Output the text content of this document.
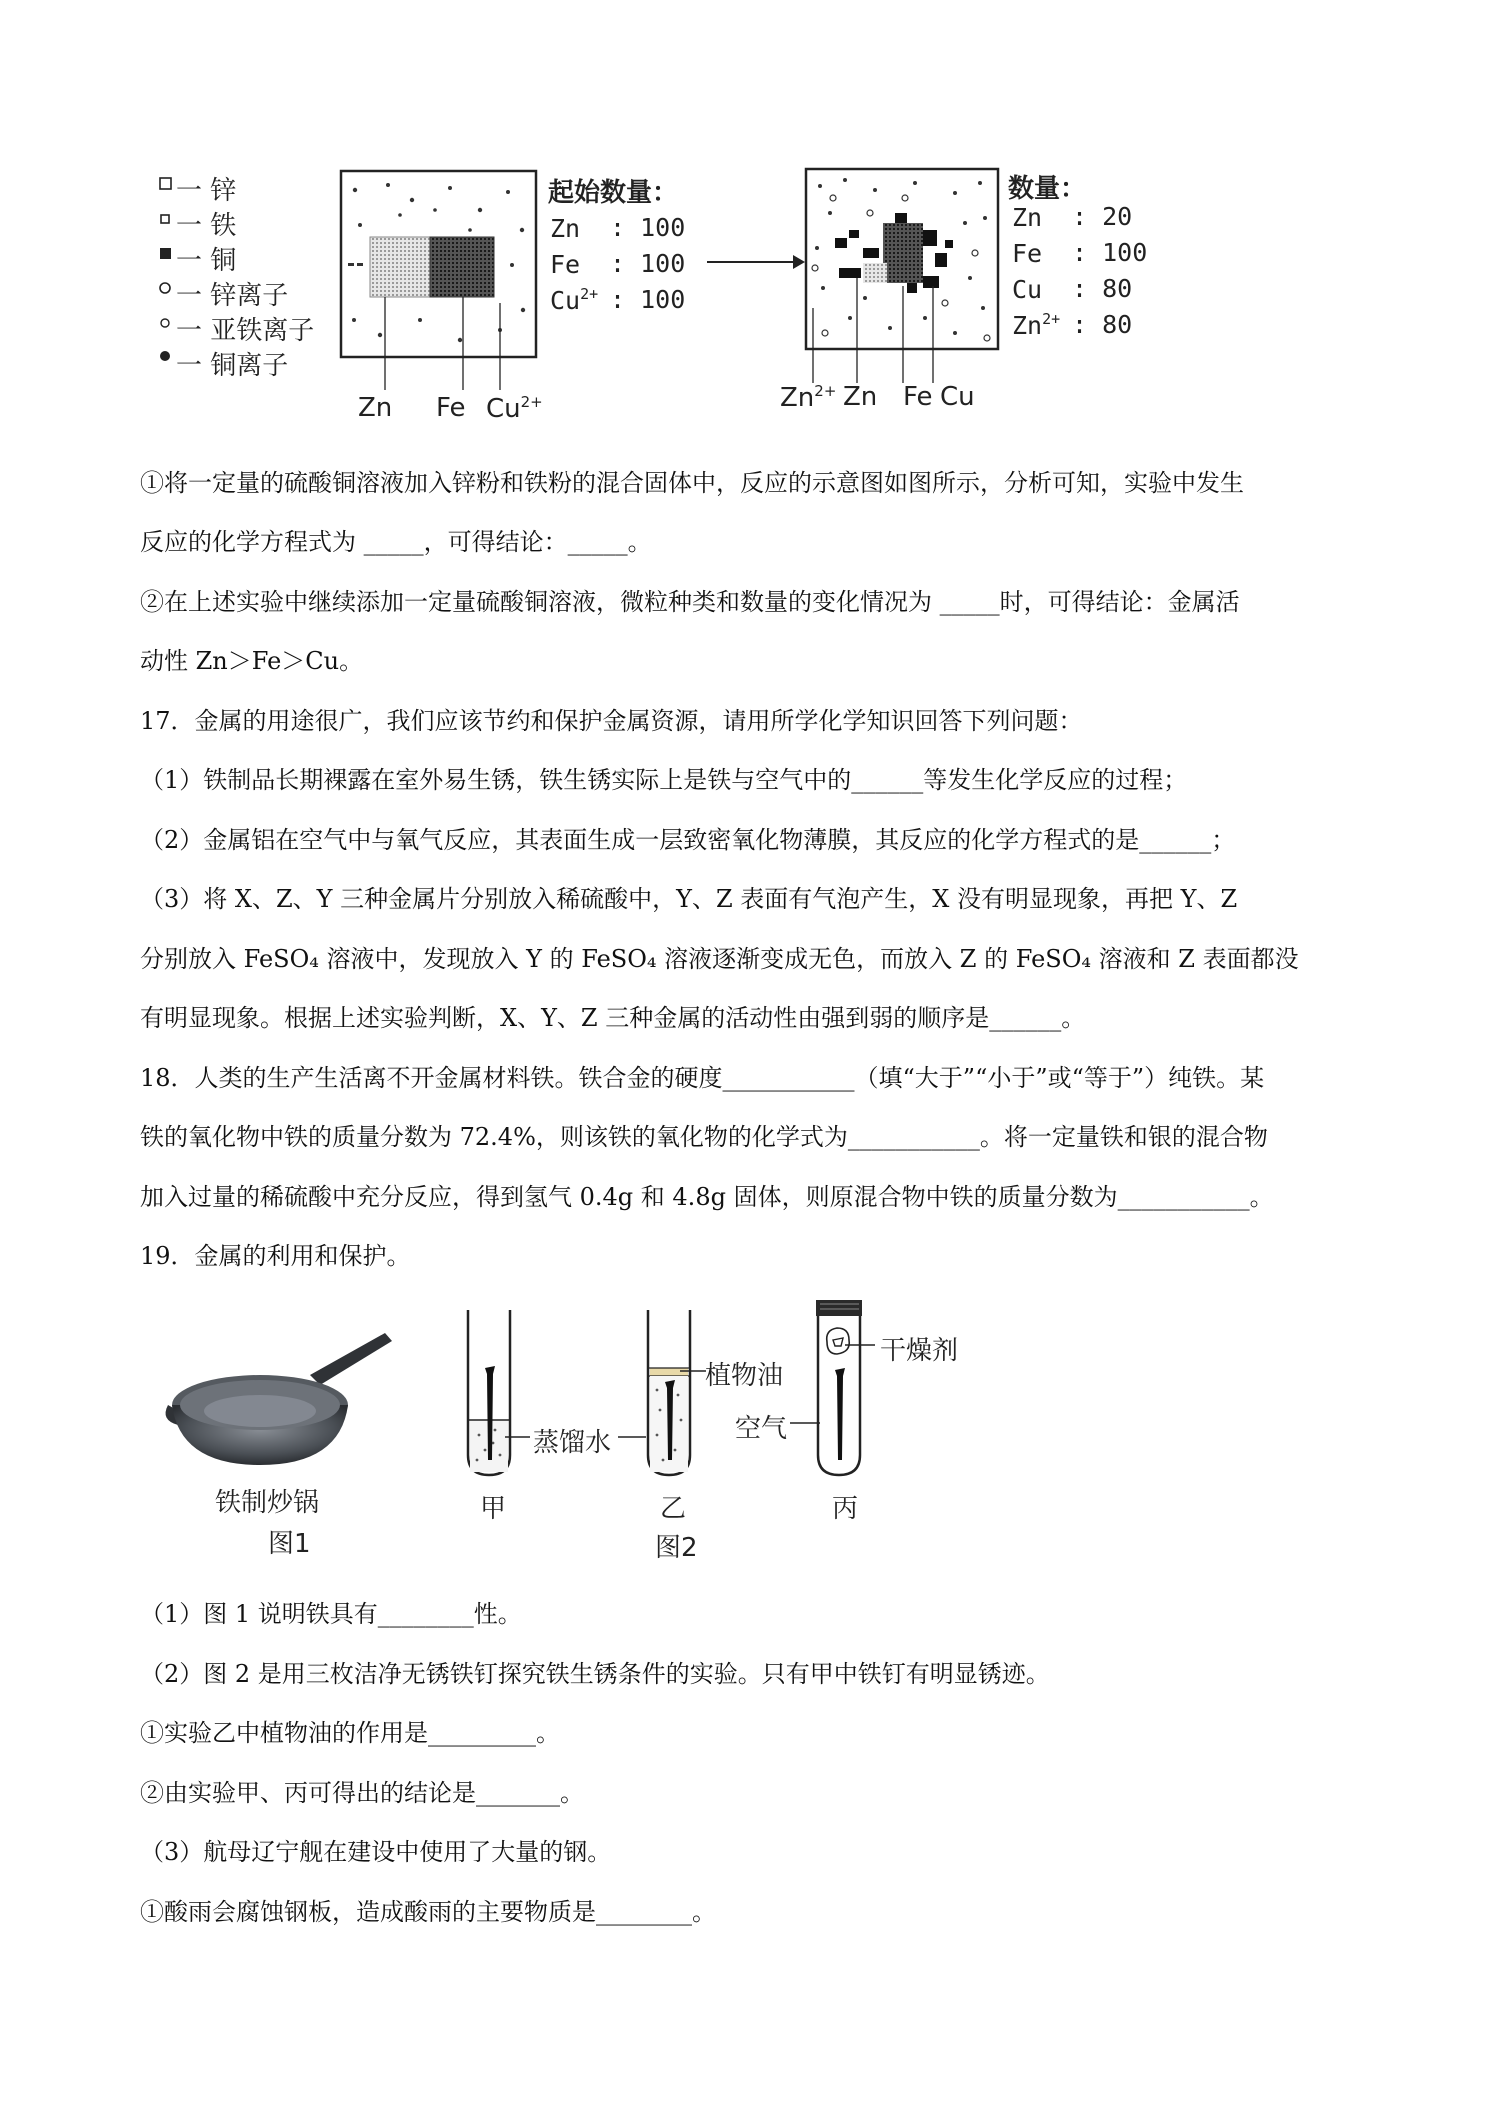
一 锌
一 铁
一 铜
一 锌离子
一 亚铁离子
一 铜离子
Zn Fe $Cu^{2+}$
起始数量：
Zn : 100
Fe : 100
$Cu^{2+}$ : 100
$Zn^{2+}$ Zn Fe Cu
数量：
Zn : 20
Fe : 100
Cu : 80
$Zn^{2+}$ : 80
①将一定量的硫酸铜溶液加入锌粉和铁粉的混合固体中，反应的示意图如图所示，分析可知，实验中发生
反应的化学方程式为 _____，可得结论：_____。
②在上述实验中继续添加一定量硫酸铜溶液，微粒种类和数量的变化情况为 _____时，可得结论：金属活
动性 Zn＞Fe＞Cu。
17．金属的用途很广，我们应该节约和保护金属资源，请用所学化学知识回答下列问题：
（1）铁制品长期裸露在室外易生锈，铁生锈实际上是铁与空气中的______等发生化学反应的过程；
（2）金属铝在空气中与氧气反应，其表面生成一层致密氧化物薄膜，其反应的化学方程式的是______；
（3）将 X、Z、Y 三种金属片分别放入稀硫酸中，Y、Z 表面有气泡产生，X 没有明显现象，再把 Y、Z
分别放入 FeSO₄ 溶液中，发现放入 Y 的 FeSO₄ 溶液逐渐变成无色，而放入 Z 的 FeSO₄ 溶液和 Z 表面都没
有明显现象。根据上述实验判断，X、Y、Z 三种金属的活动性由强到弱的顺序是______。
18．人类的生产生活离不开金属材料铁。铁合金的硬度___________（填“大于”“小于”或“等于”）纯铁。某
铁的氧化物中铁的质量分数为 72.4%，则该铁的氧化物的化学式为___________。将一定量铁和银的混合物
加入过量的稀硫酸中充分反应，得到氢气 0.4g 和 4.8g 固体，则原混合物中铁的质量分数为___________。
19．金属的利用和保护。
铁制炒锅
图1
甲
蒸馏水
乙
植物油
丙
干燥剂
空气
图2
（1）图 1 说明铁具有________性。
（2）图 2 是用三枚洁净无锈铁钉探究铁生锈条件的实验。只有甲中铁钉有明显锈迹。
①实验乙中植物油的作用是_________。
②由实验甲、丙可得出的结论是_______。
（3）航母辽宁舰在建设中使用了大量的钢。
①酸雨会腐蚀钢板，造成酸雨的主要物质是________。
